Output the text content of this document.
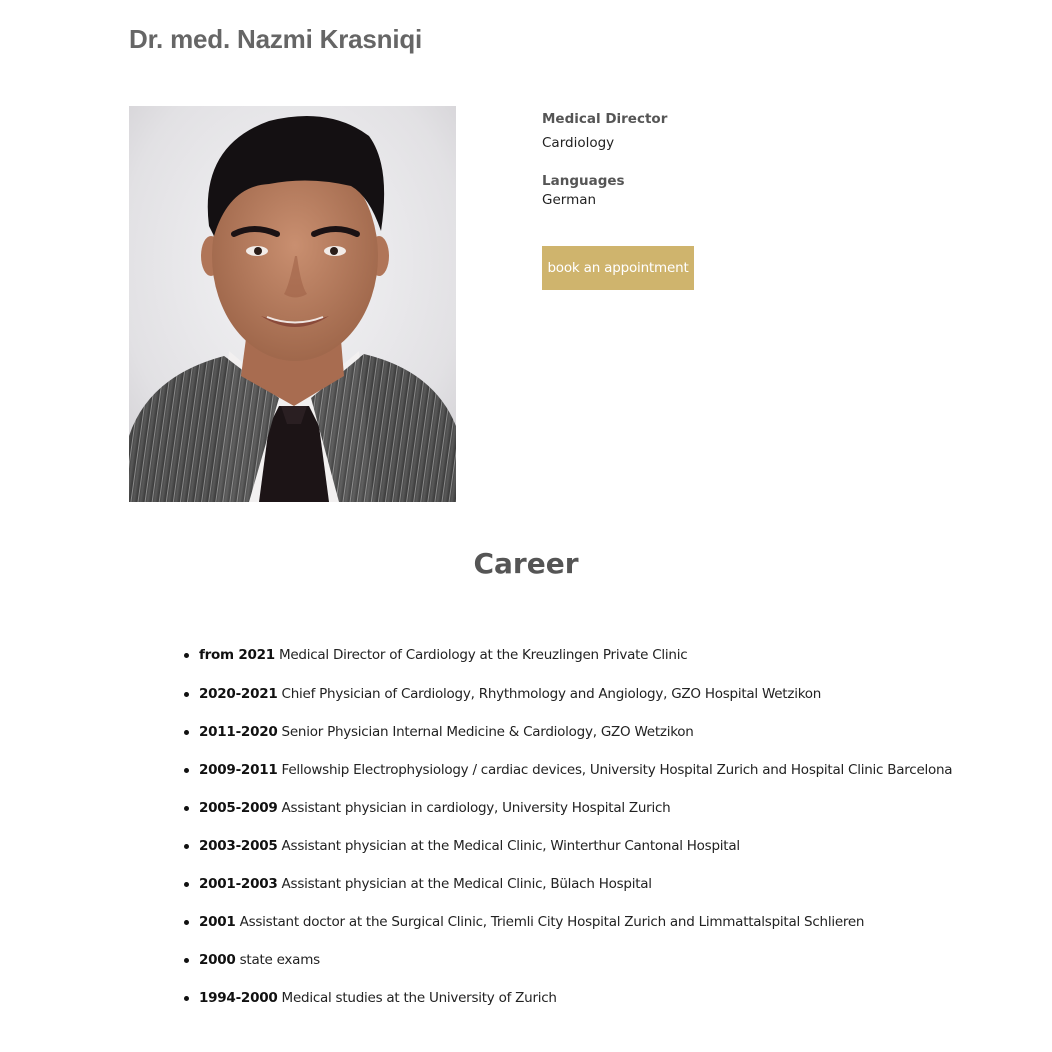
Dr. med. Nazmi Krasniqi
Medical Director
Cardiology
Languages
German
book an appointment
Career
from 2021 Medical Director of Cardiology at the Kreuzlingen Private Clinic
2020-2021 Chief Physician of Cardiology, Rhythmology and Angiology, GZO Hospital Wetzikon
2011-2020 Senior Physician Internal Medicine & Cardiology, GZO Wetzikon
2009-2011 Fellowship Electrophysiology / cardiac devices, University Hospital Zurich and Hospital Clinic Barcelona
2005-2009 Assistant physician in cardiology, University Hospital Zurich
2003-2005 Assistant physician at the Medical Clinic, Winterthur Cantonal Hospital
2001-2003 Assistant physician at the Medical Clinic, Bülach Hospital
2001 Assistant doctor at the Surgical Clinic, Triemli City Hospital Zurich and Limmattalspital Schlieren
2000 state exams
1994-2000 Medical studies at the University of Zurich
